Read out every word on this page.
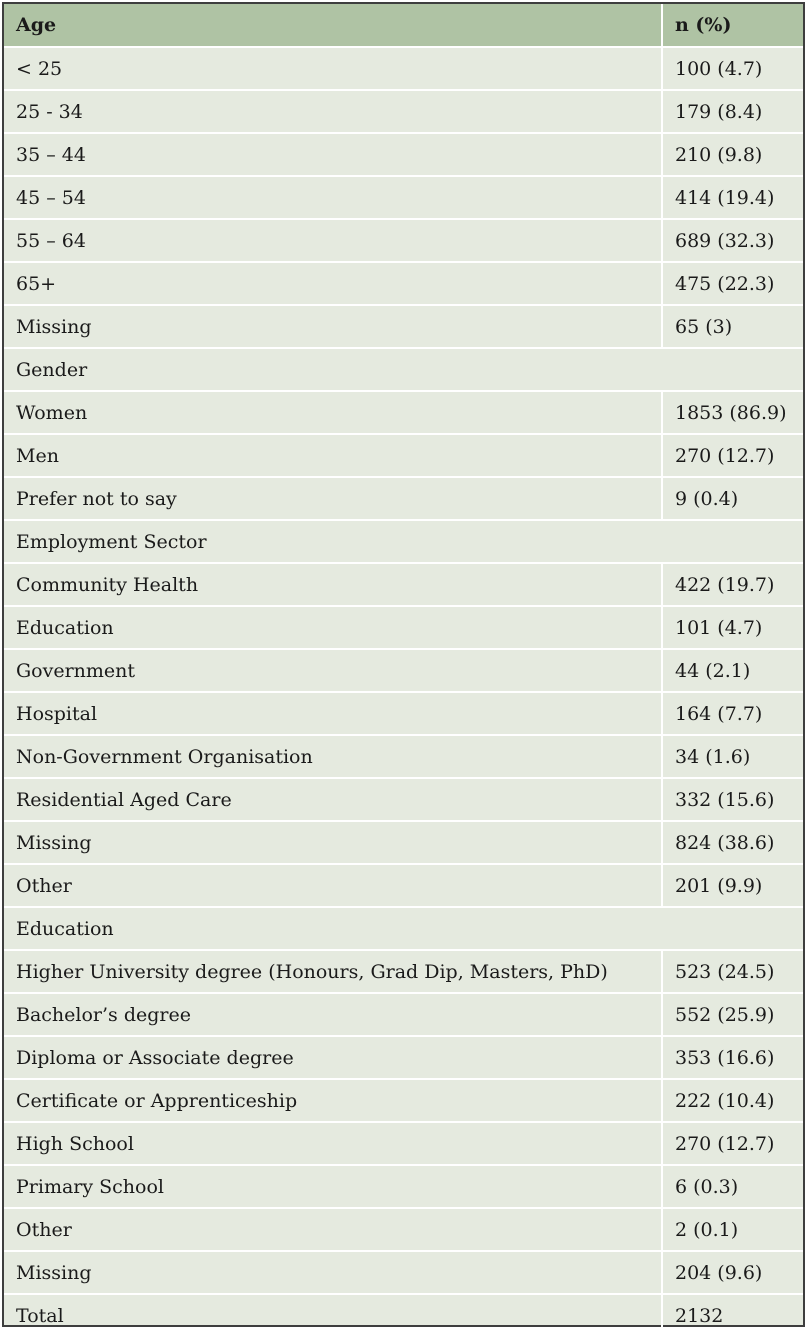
Age	n (%)
< 25	100 (4.7)
25 - 34	179 (8.4)
35 – 44	210 (9.8)
45 – 54	414 (19.4)
55 – 64	689 (32.3)
65+	475 (22.3)
Missing	65 (3)
Gender	
Women	1853 (86.9)
Men	270 (12.7)
Prefer not to say	9 (0.4)
Employment Sector	
Community Health	422 (19.7)
Education	101 (4.7)
Government	44 (2.1)
Hospital	164 (7.7)
Non-Government Organisation	34 (1.6)
Residential Aged Care	332 (15.6)
Missing	824 (38.6)
Other	201 (9.9)
Education	
Higher University degree (Honours, Grad Dip, Masters, PhD)	523 (24.5)
Bachelor’s degree	552 (25.9)
Diploma or Associate degree	353 (16.6)
Certificate or Apprenticeship	222 (10.4)
High School	270 (12.7)
Primary School	6 (0.3)
Other	2 (0.1)
Missing	204 (9.6)
Total	2132
